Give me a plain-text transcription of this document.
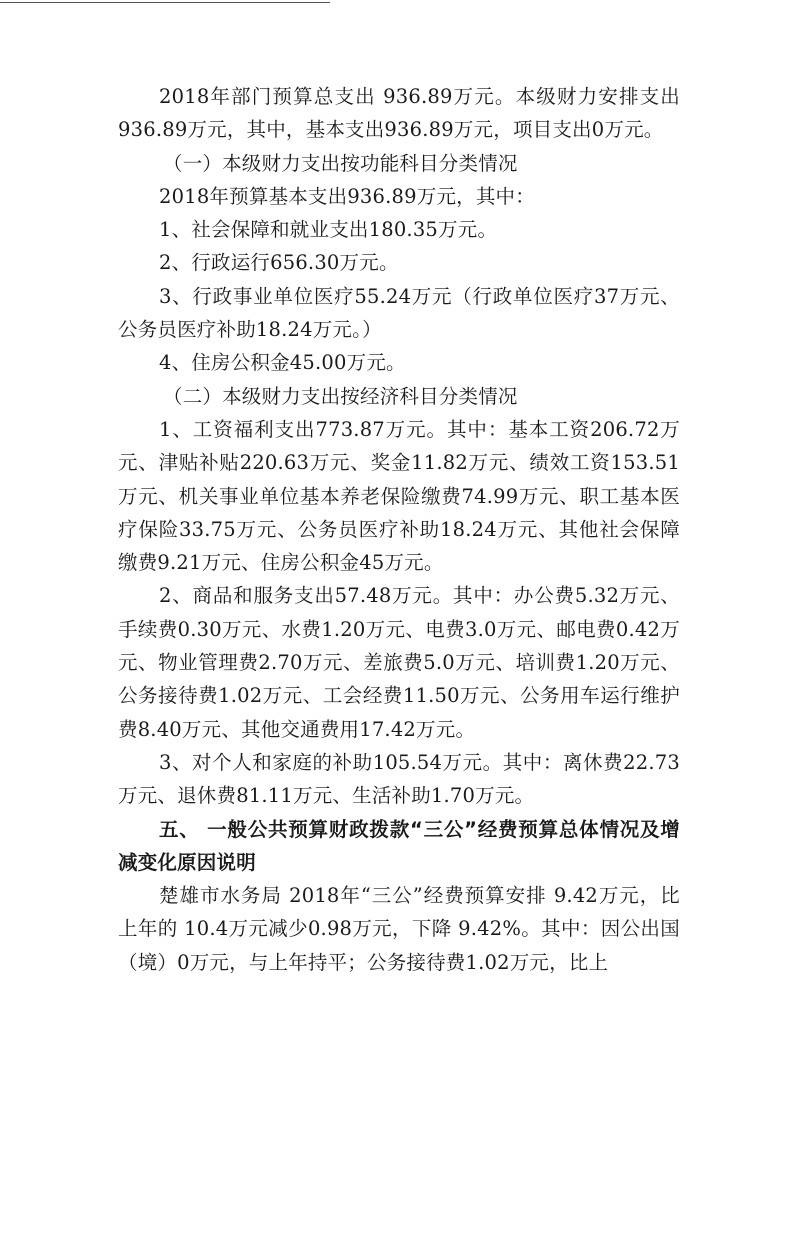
2018年部门预算总支出 936.89万元。本级财力安排支出936.89万元，其中，基本支出936.89万元，项目支出0万元。

（一）本级财力支出按功能科目分类情况

2018年预算基本支出936.89万元，其中：

1、社会保障和就业支出180.35万元。

2、行政运行656.30万元。

3、行政事业单位医疗55.24万元（行政单位医疗37万元、公务员医疗补助18.24万元。）

4、住房公积金45.00万元。

（二）本级财力支出按经济科目分类情况

1、工资福利支出773.87万元。其中：基本工资206.72万元、津贴补贴220.63万元、奖金11.82万元、绩效工资153.51万元、机关事业单位基本养老保险缴费74.99万元、职工基本医疗保险33.75万元、公务员医疗补助18.24万元、其他社会保障缴费9.21万元、住房公积金45万元。

2、商品和服务支出57.48万元。其中：办公费5.32万元、手续费0.30万元、水费1.20万元、电费3.0万元、邮电费0.42万元、物业管理费2.70万元、差旅费5.0万元、培训费1.20万元、公务接待费1.02万元、工会经费11.50万元、公务用车运行维护费8.40万元、其他交通费用17.42万元。

3、对个人和家庭的补助105.54万元。其中：离休费22.73万元、退休费81.11万元、生活补助1.70万元。

五、 一般公共预算财政拨款“三公”经费预算总体情况及增减变化原因说明

楚雄市水务局 2018年“三公”经费预算安排 9.42万元，比上年的 10.4万元减少0.98万元，下降 9.42%。其中：因公出国（境）0万元，与上年持平；公务接待费1.02万元，比上
